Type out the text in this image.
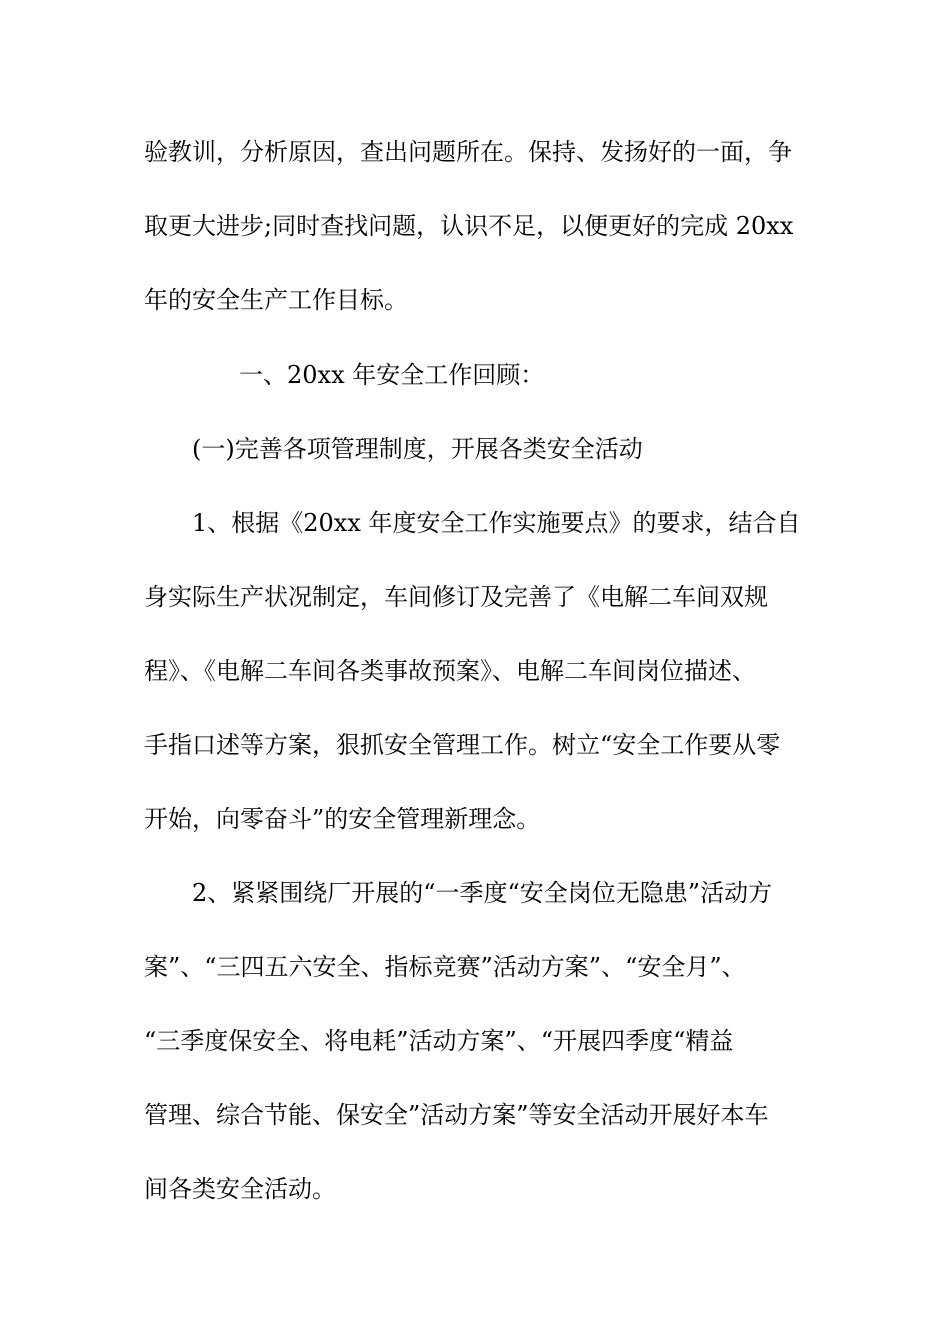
验教训，分析原因，查出问题所在。保持、发扬好的一面，争
取更大进步;同时查找问题，认识不足，以便更好的完成 20xx
年的安全生产工作目标。
一、20xx 年安全工作回顾：
(一)完善各项管理制度，开展各类安全活动
1、根据《20xx 年度安全工作实施要点》的要求，结合自
身实际生产状况制定，车间修订及完善了《电解二车间双规
程》、《电解二车间各类事故预案》、电解二车间岗位描述、
手指口述等方案，狠抓安全管理工作。树立“安全工作要从零
开始，向零奋斗”的安全管理新理念。
2、紧紧围绕厂开展的“一季度“安全岗位无隐患”活动方
案”、“三四五六安全、指标竞赛”活动方案”、“安全月”、
“三季度保安全、将电耗”活动方案”、“开展四季度“精益
管理、综合节能、保安全”活动方案”等安全活动开展好本车
间各类安全活动。
